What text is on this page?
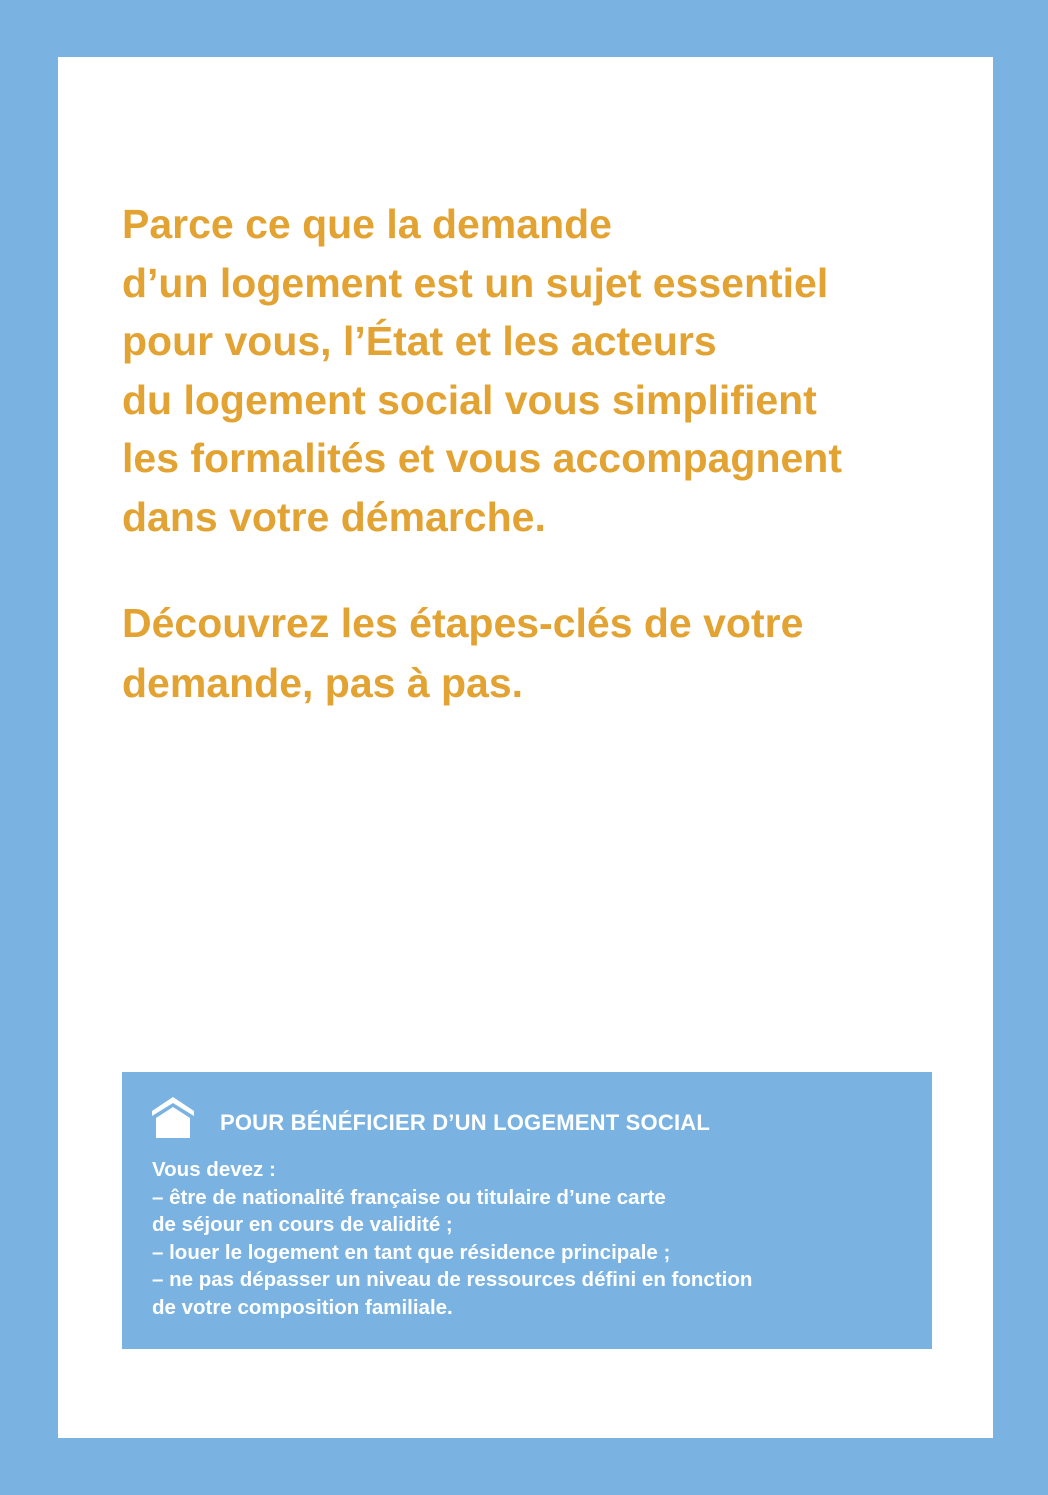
Parce ce que la demande
d’un logement est un sujet essentiel
pour vous, l’État et les acteurs
du logement social vous simplifient
les formalités et vous accompagnent
dans votre démarche.

Découvrez les étapes-clés de votre
demande, pas à pas.

POUR BÉNÉFICIER D’UN LOGEMENT SOCIAL
Vous devez :
– être de nationalité française ou titulaire d’une carte
de séjour en cours de validité ;
– louer le logement en tant que résidence principale ;
– ne pas dépasser un niveau de ressources défini en fonction
de votre composition familiale.
